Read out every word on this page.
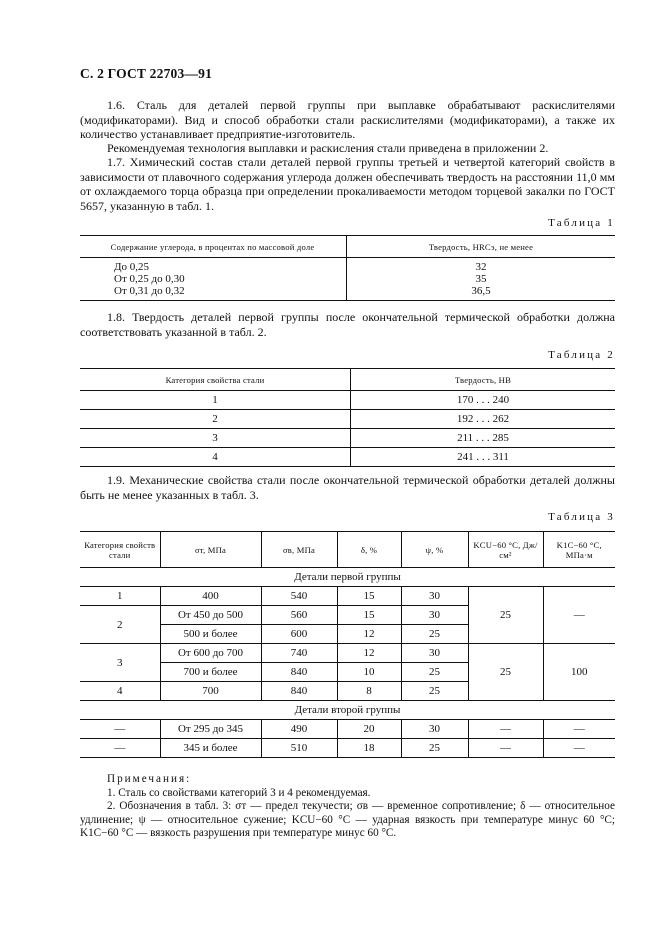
С. 2 ГОСТ 22703—91
1.6. Сталь для деталей первой группы при выплавке обрабатывают раскислителями (модификаторами). Вид и способ обработки стали раскислителями (модификаторами), а также их количество устанавливает предприятие-изготовитель.
Рекомендуемая технология выплавки и раскисления стали приведена в приложении 2.
1.7. Химический состав стали деталей первой группы третьей и четвертой категорий свойств в зависимости от плавочного содержания углерода должен обеспечивать твердость на расстоянии 11,0 мм от охлаждаемого торца образца при определении прокаливаемости методом торцевой закалки по ГОСТ 5657, указанную в табл. 1.
Таблица 1
Содержание углерода, в процентах по массовой доле	Твердость, HRCэ, не менее
До 0,25	32
От 0,25 до 0,30	35
От 0,31 до 0,32	36,5
1.8. Твердость деталей первой группы после окончательной термической обработки должна соответствовать указанной в табл. 2.
Таблица 2
Категория свойства стали	Твердость, НВ
1	170 . . . 240
2	192 . . . 262
3	211 . . . 285
4	241 . . . 311
1.9. Механические свойства стали после окончательной термической обработки деталей должны быть не менее указанных в табл. 3.
Таблица 3
Категория свойств стали	σт, МПа	σв, МПа	δ, %	ψ, %	KCU−60 °C, Дж/см²	K1C−60 °C, МПа·м
Детали первой группы						
1	400	540	15	30	25	—
2	От 450 до 500	560	15	30		
	500 и более	600	12	25		
3	От 600 до 700	740	12	30	25	100
	700 и более	840	10	25		
4	700	840	8	25		
Детали второй группы						
—	От 295 до 345	490	20	30	—	—
—	345 и более	510	18	25	—	—
Примечания:
1. Сталь со свойствами категорий 3 и 4 рекомендуемая.
2. Обозначения в табл. 3: σт — предел текучести; σв — временное сопротивление; δ — относительное удлинение; ψ — относительное сужение; KCU−60 °C — ударная вязкость при температуре минус 60 °C; K1C−60 °C — вязкость разрушения при температуре минус 60 °C.
